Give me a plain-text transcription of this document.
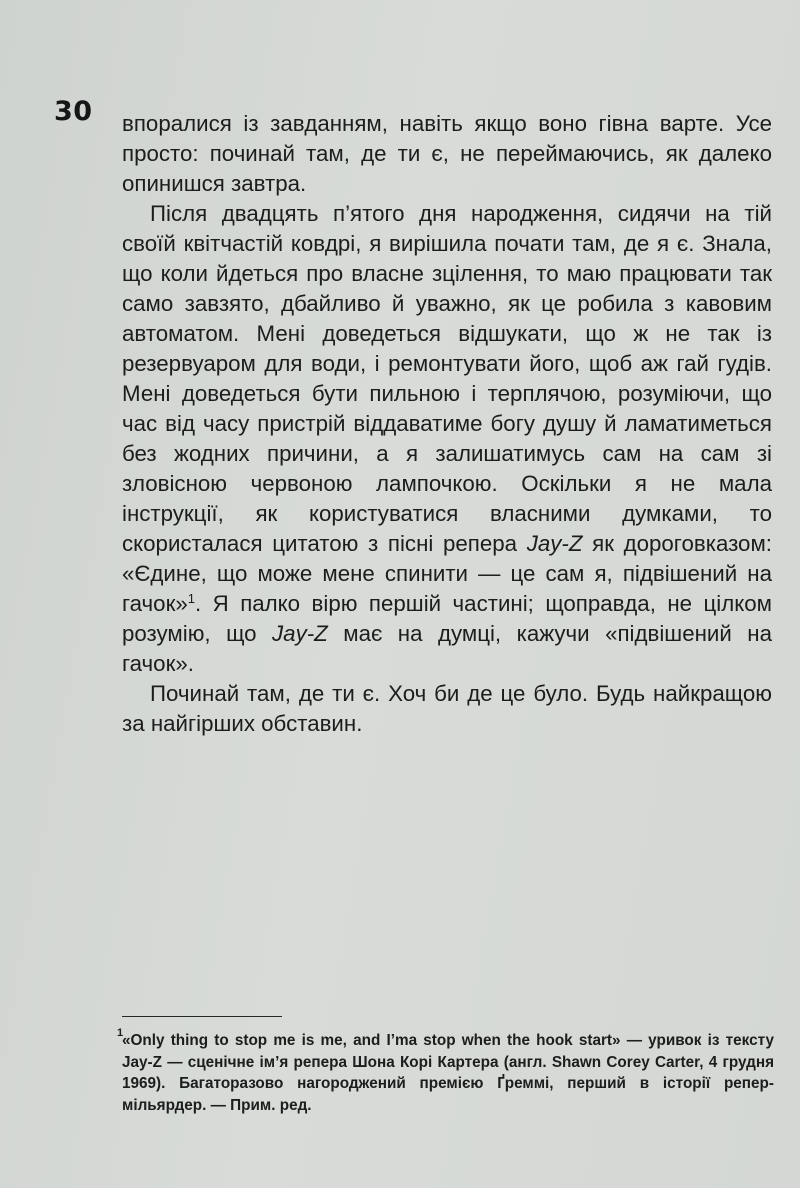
30 впоралися із завданням, навіть якщо воно гівна варте. Усе просто: починай там, де ти є, не переймаючись, як далеко опинишся завтра.

Після двадцять п’ятого дня народження, сидячи на тій своїй квітчастій ковдрі, я вирішила почати там, де я є. Знала, що коли йдеться про власне зцілення, то маю працювати так само завзято, дбайливо й уважно, як це робила з кавовим автоматом. Мені доведеться відшукати, що ж не так із резервуаром для води, і ремонтувати його, щоб аж гай гудів. Мені доведеться бути пильною і терплячою, розуміючи, що час від часу пристрій віддаватиме богу душу й ламатиметься без жодних причини, а я залишатимусь сам на сам зі зловісною червоною лампочкою. Оскільки я не мала інструкції, як користуватися власними думками, то скористалася цитатою з пісні репера Jay-Z як дороговказом: «Єдине, що може мене спинити — це сам я, підвішений на гачок»$^1$. Я палко вірю першій частині; щоправда, не цілком розумію, що Jay-Z має на думці, кажучи «підвішений на гачок».

Починай там, де ти є. Хоч би де це було. Будь найкращою за найгірших обставин.

1
«Only thing to stop me is me, and I’ma stop when the hook start» — уривок із тексту Jay-Z — сценічне ім’я репера Шона Корі Картера (англ. Shawn Corey Carter, 4 грудня 1969). Багаторазово нагороджений премією Ґреммі, перший в історії репер-мільярдер. — Прим. ред.
